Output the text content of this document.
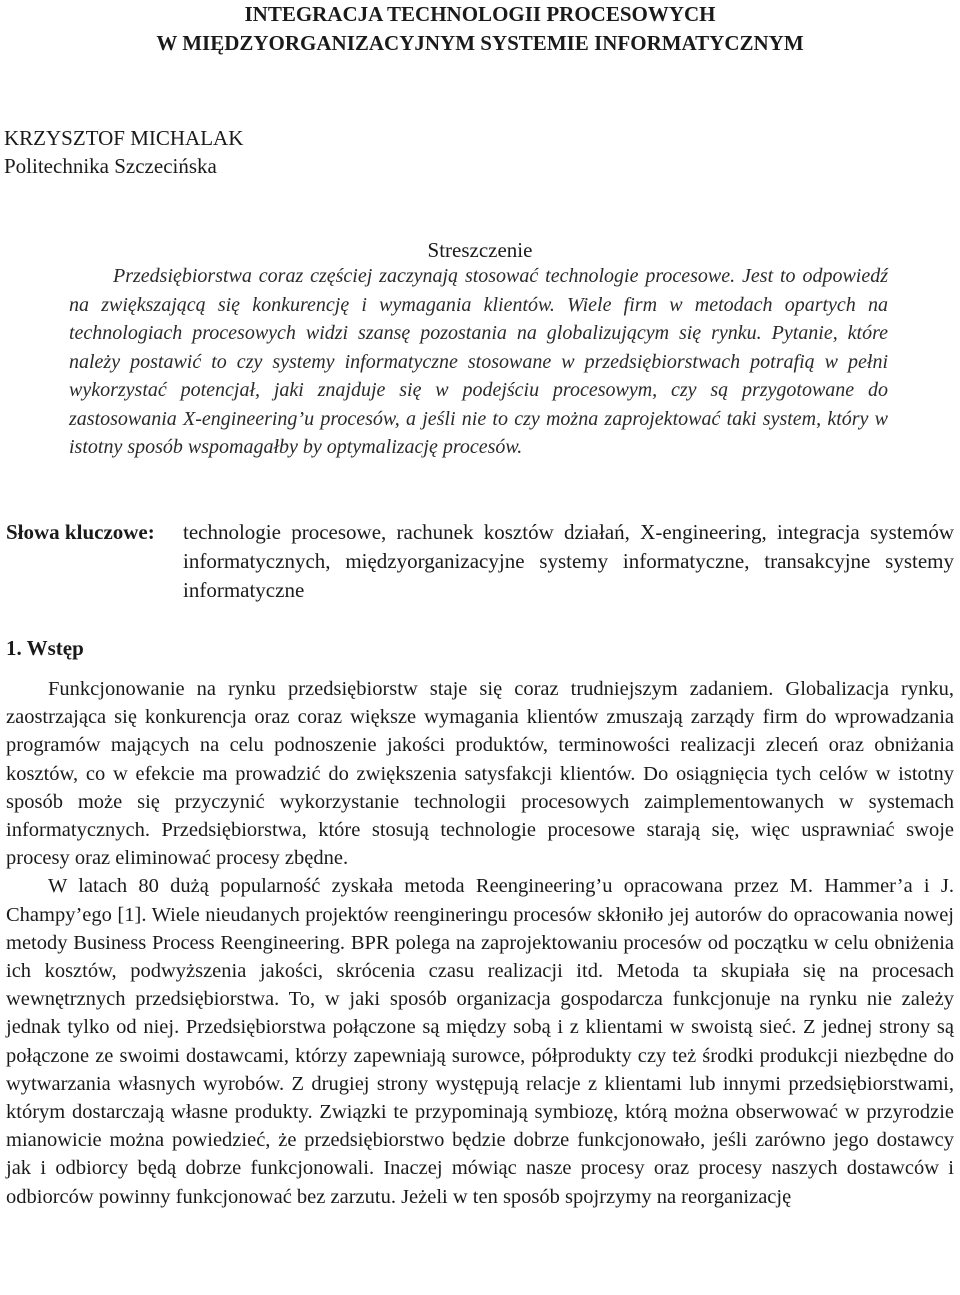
INTEGRACJA TECHNOLOGII PROCESOWYCH
W MIĘDZYORGANIZACYJNYM SYSTEMIE INFORMATYCZNYM
KRZYSZTOF MICHALAK
Politechnika Szczecińska
Streszczenie

Przedsiębiorstwa coraz częściej zaczynają stosować technologie procesowe. Jest to odpowiedź na zwiększającą się konkurencję i wymagania klientów. Wiele firm w metodach opartych na technologiach procesowych widzi szansę pozostania na globalizującym się rynku. Pytanie, które należy postawić to czy systemy informatyczne stosowane w przedsiębiorstwach potrafią w pełni wykorzystać potencjał, jaki znajduje się w podejściu procesowym, czy są przygotowane do zastosowania X-engineering’u procesów, a jeśli nie to czy można zaprojektować taki system, który w istotny sposób wspomagałby by optymalizację procesów.

Słowa kluczowe: technologie procesowe, rachunek kosztów działań, X-engineering, integracja systemów informatycznych, międzyorganizacyjne systemy informatyczne, transakcyjne systemy informatyczne
1. Wstęp

Funkcjonowanie na rynku przedsiębiorstw staje się coraz trudniejszym zadaniem. Globalizacja rynku, zaostrzająca się konkurencja oraz coraz większe wymagania klientów zmuszają zarządy firm do wprowadzania programów mających na celu podnoszenie jakości produktów, terminowości realizacji zleceń oraz obniżania kosztów, co w efekcie ma prowadzić do zwiększenia satysfakcji klientów. Do osiągnięcia tych celów w istotny sposób może się przyczynić wykorzystanie technologii procesowych zaimplementowanych w systemach informatycznych. Przedsiębiorstwa, które stosują technologie procesowe starają się, więc usprawniać swoje procesy oraz eliminować procesy zbędne.

W latach 80 dużą popularność zyskała metoda Reengineering’u opracowana przez M. Hammer’a i J. Champy’ego [1]. Wiele nieudanych projektów reengineringu procesów skłoniło jej autorów do opracowania nowej metody Business Process Reengineering. BPR polega na zaprojektowaniu procesów od początku w celu obniżenia ich kosztów, podwyższenia jakości, skrócenia czasu realizacji itd. Metoda ta skupiała się na procesach wewnętrznych przedsiębiorstwa. To, w jaki sposób organizacja gospodarcza funkcjonuje na rynku nie zależy jednak tylko od niej. Przedsiębiorstwa połączone są między sobą i z klientami w swoistą sieć. Z jednej strony są połączone ze swoimi dostawcami, którzy zapewniają surowce, półprodukty czy też środki produkcji niezbędne do wytwarzania własnych wyrobów. Z drugiej strony występują relacje z klientami lub innymi przedsiębiorstwami, którym dostarczają własne produkty. Związki te przypominają symbiozę, którą można obserwować w przyrodzie mianowicie można powiedzieć, że przedsiębiorstwo będzie dobrze funkcjonowało, jeśli zarówno jego dostawcy jak i odbiorcy będą dobrze funkcjonowali. Inaczej mówiąc nasze procesy oraz procesy naszych dostawców i odbiorców powinny funkcjonować bez zarzutu. Jeżeli w ten sposób spojrzymy na reorganizację
